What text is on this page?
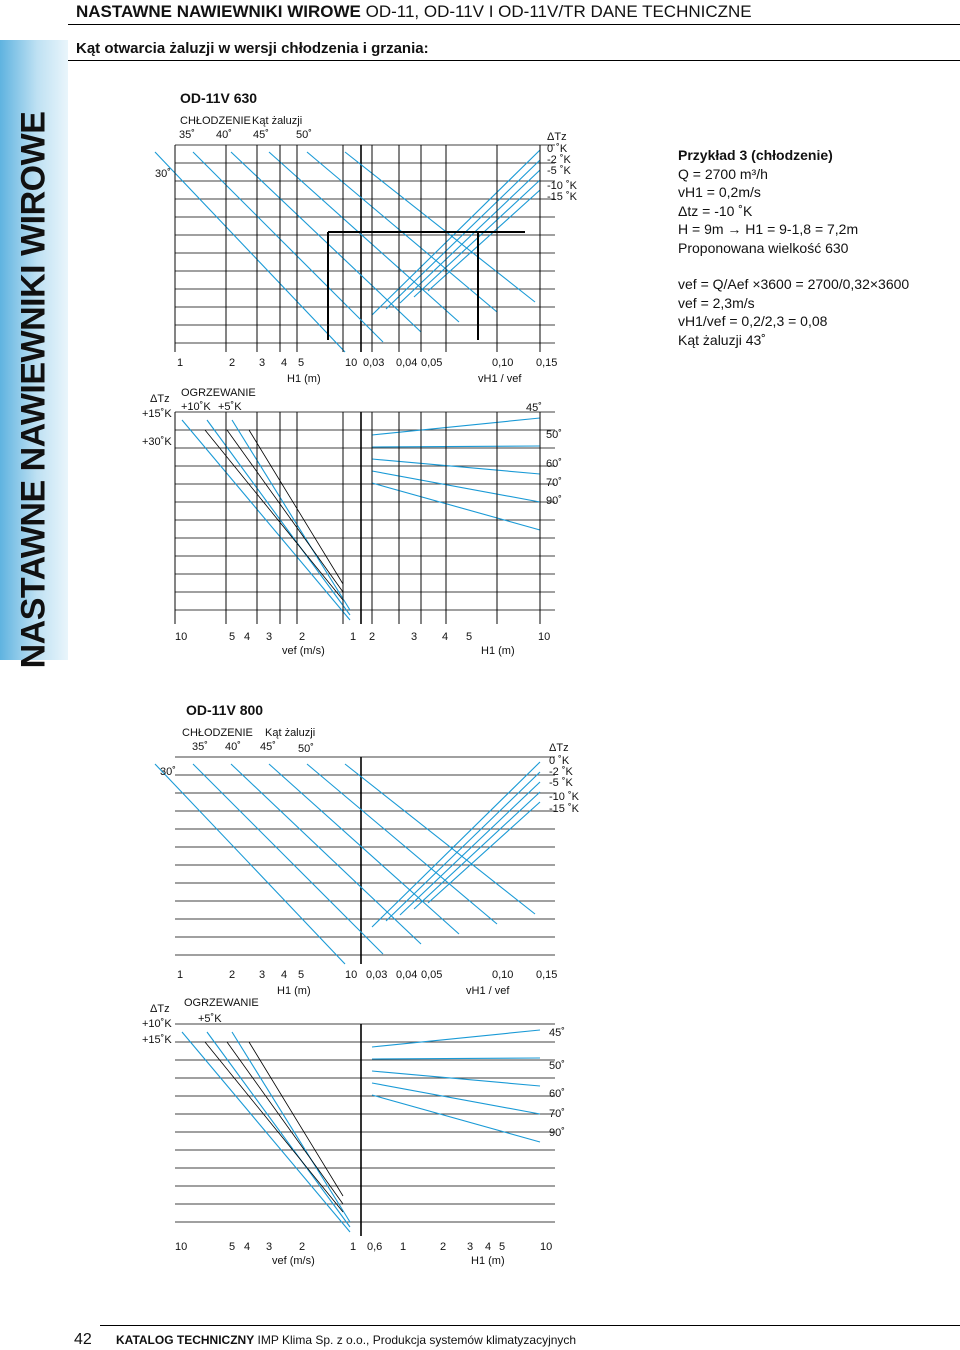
NASTAWNE NAWIEWNIKI WIROWE
NASTAWNE NAWIEWNIKI WIROWE OD-11, OD-11V I OD-11V/TR DANE TECHNICZNE
Kąt otwarcia żaluzji w wersji chłodzenia i grzania:
OD-11V 630
CHŁODZENIE Kąt żaluzji
35˚ 40˚ 45˚ 50˚
30˚
ΔTz
0 ˚K
-2 ˚K
-5 ˚K
-10 ˚K
-15 ˚K
1	2 3 4 5	10 0,03 0,04 0,05	0,10 0,15
H1 (m)	vH1 / vef
OGRZEWANIE
+10˚K +5˚K
ΔTz
+15˚K
+30˚K
45˚
50˚
60˚
70˚
90˚
10	5 4 3 2	1
vef (m/s)
2	3 4 5	10
H1 (m)
Przykład 3 (chłodzenie)
Q = 2700 m³/h
vH1 = 0,2m/s
Δtz = -10 ˚K
H = 9m → H1 = 9-1,8 = 7,2m
Proponowana wielkość 630
vef = Q/Aef ×3600 = 2700/0,32×3600
vef = 2,3m/s
vH1/vef = 0,2/2,3 = 0,08
Kąt żaluzji 43˚
OD-11V 800
CHŁODZENIE Kąt żaluzji
35˚ 40˚ 45˚ 50˚
30˚
ΔTz
0 ˚K
-2 ˚K
-5 ˚K
-10 ˚K
-15 ˚K
1	2 3 4 5	10 0,03 0,04 0,05	0,10 0,15
H1 (m)	vH1 / vef
OGRZEWANIE
+5˚K
ΔTz
+10˚K
+15˚K
45˚
50˚
60˚
70˚
90˚
10	5 4 3 2	1
vef (m/s)
0,6 1	2 3 4 5	10
H1 (m)
42 KATALOG TECHNICZNY IMP Klima Sp. z o.o., Produkcja systemów klimatyzacyjnych
